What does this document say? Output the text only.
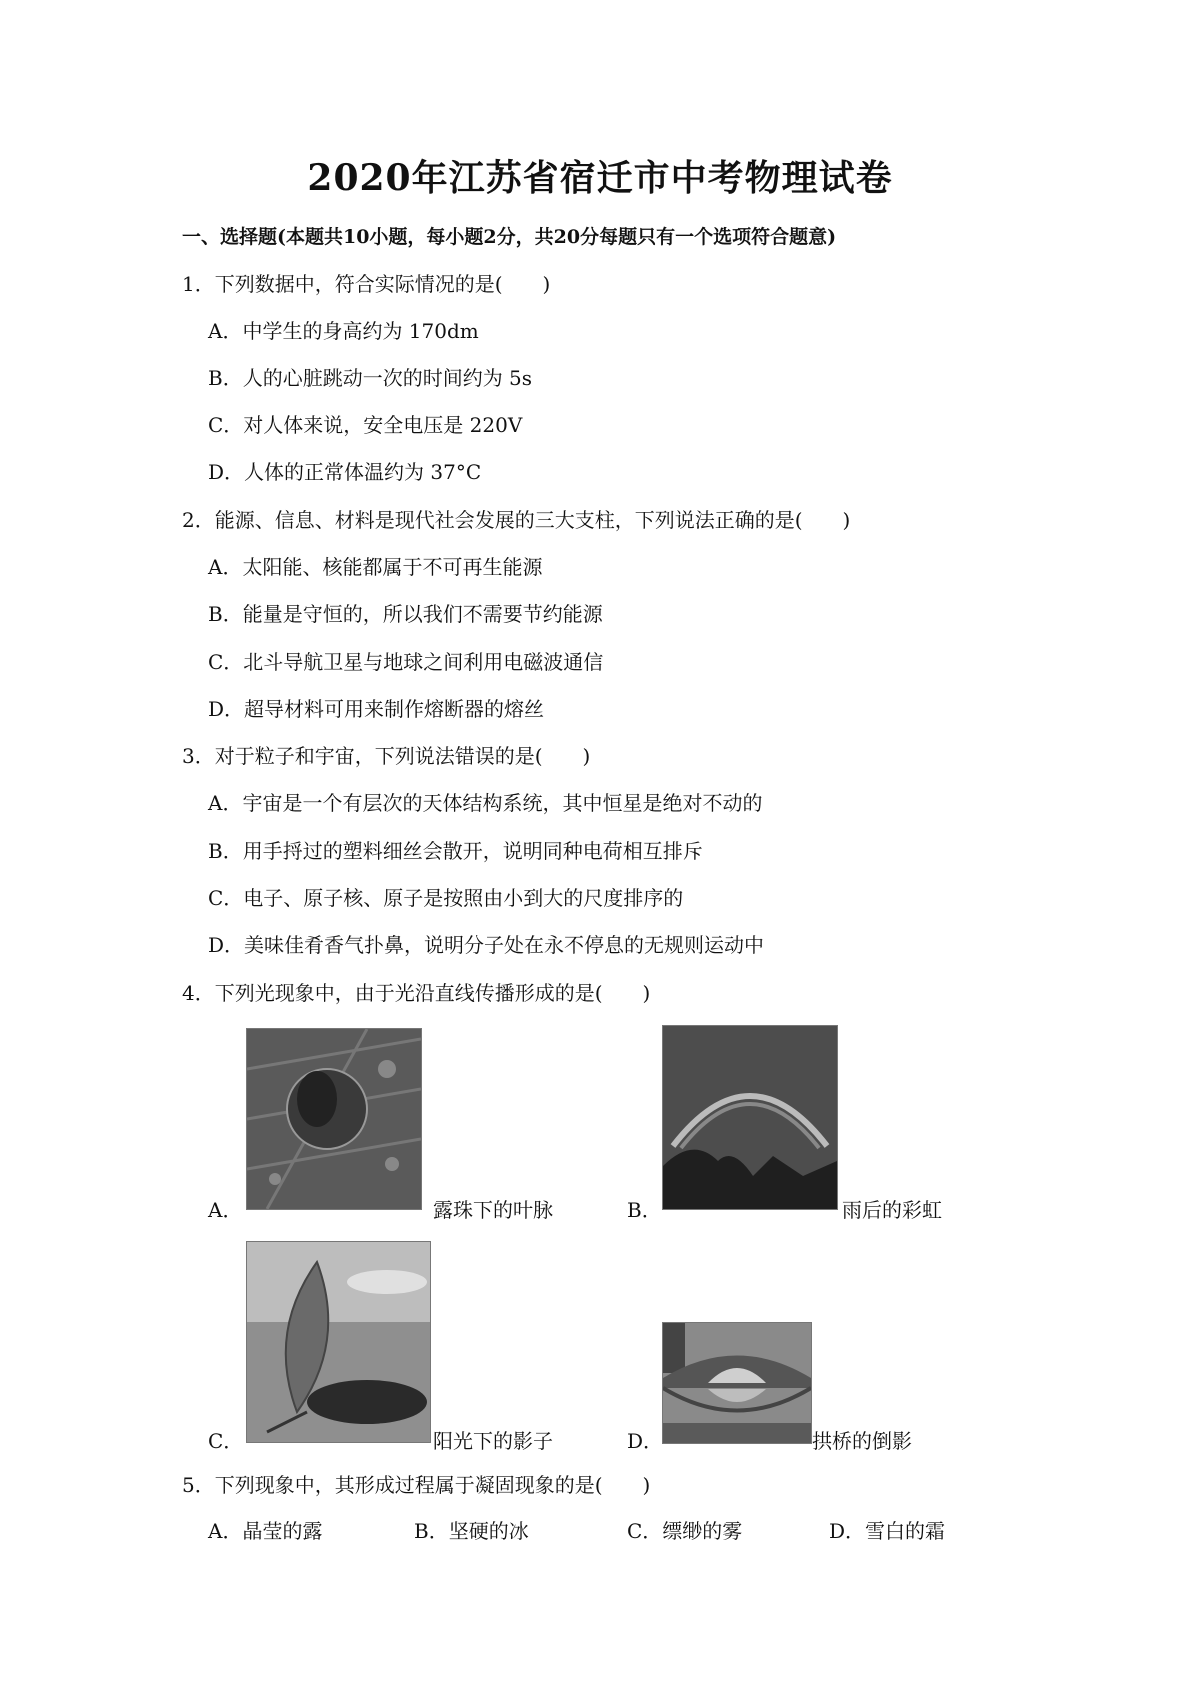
2020年江苏省宿迁市中考物理试卷
一、选择题(本题共10小题，每小题2分，共20分每题只有一个选项符合题意)
1．下列数据中，符合实际情况的是(　　)
A．中学生的身高约为 170dm
B．人的心脏跳动一次的时间约为 5s
C．对人体来说，安全电压是 220V
D．人体的正常体温约为 37°C
2．能源、信息、材料是现代社会发展的三大支柱，下列说法正确的是(　　)
A．太阳能、核能都属于不可再生能源
B．能量是守恒的，所以我们不需要节约能源
C．北斗导航卫星与地球之间利用电磁波通信
D．超导材料可用来制作熔断器的熔丝
3．对于粒子和宇宙，下列说法错误的是(　　)
A．宇宙是一个有层次的天体结构系统，其中恒星是绝对不动的
B．用手捋过的塑料细丝会散开，说明同种电荷相互排斥
C．电子、原子核、原子是按照由小到大的尺度排序的
D．美味佳肴香气扑鼻，说明分子处在永不停息的无规则运动中
4．下列光现象中，由于光沿直线传播形成的是(　　)
A．	露珠下的叶脉	B．	雨后的彩虹
C．	阳光下的影子	D．	拱桥的倒影
5．下列现象中，其形成过程属于凝固现象的是(　　)
A．晶莹的露	B．坚硬的冰	C．缥缈的雾	D．雪白的霜
